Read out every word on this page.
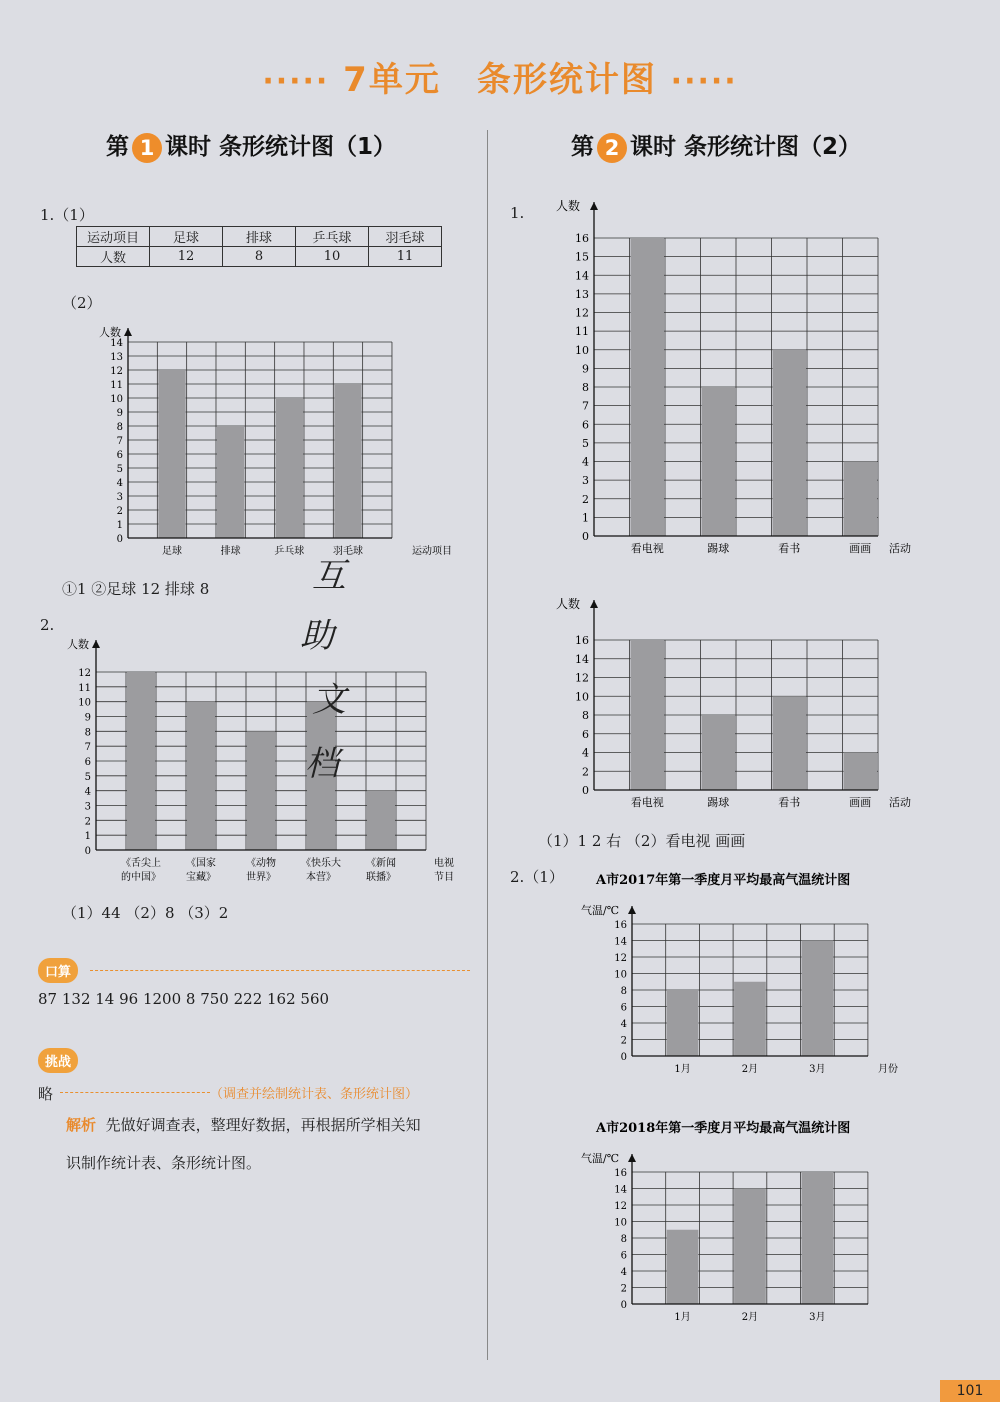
····· 7单元　条形统计图 ·····
第 1 课时 条形统计图（1）	第 2 课时 条形统计图（2）
1.（1）
运动项目	足球	排球	乒乓球	羽毛球
人数	12	8	10	11
（2）
0
1
2
3
4
5
6
7
8
9
10
11
12
13
14
人数
足球	排球	乒乓球	羽毛球	运动项目
①1 ②足球 12 排球 8
2.
0
1
2
3
4
5
6
7
8
9
10
11
12
人数
《舌尖上
的中国》
《国家
宝藏》
《动物
世界》
《快乐大
本营》
《新闻
联播》
电视
节目
（1）44 （2）8 （3）2
口算
87 132 14 96 1200 8 750 222 162 560
挑战
略	（调查并绘制统计表、条形统计图）
解析 先做好调查表，整理好数据，再根据所学相关知
识制作统计表、条形统计图。
互
助
文
档
1.
0
1
2
3
4
5
6
7
8
9
10
11
12
13
14
15
16
人数
看电视	踢球	看书	画画 活动
0
2
4
6
8
10
12
14
16
人数
看电视	踢球	看书	画画 活动
（1）1 2 右 （2）看电视 画画
2.（1） A市2017年第一季度月平均最高气温统计图
0
2
4
6
8
10
12
14
16
气温/℃
1月	2月	3月	月份
A市2018年第一季度月平均最高气温统计图
0
2
4
6
8
10
12
14
16
气温/℃
1月	2月	3月
101
